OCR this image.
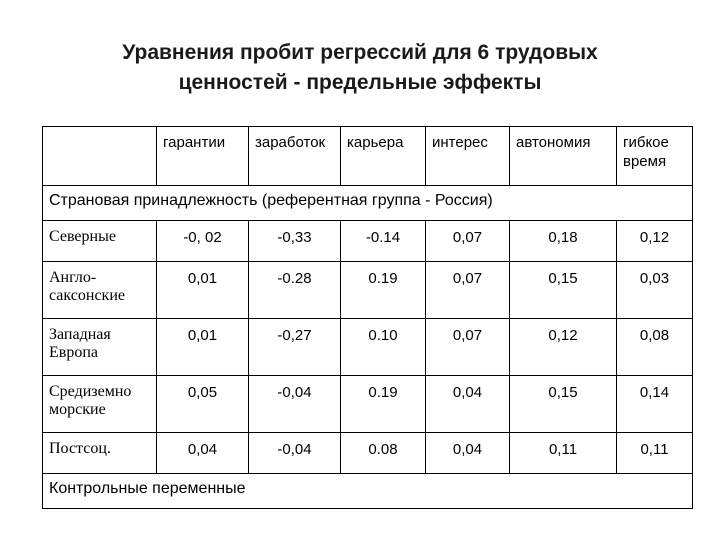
Уравнения пробит регрессий для 6 трудовых
ценностей - предельные эффекты
	гарантии	заработок	карьера	интерес	автономия	гибкое время
Страновая принадлежность (референтная группа - Россия)						
Северные	-0, 02	-0,33	-0.14	0,07	0,18	0,12
Англо-саксонские	0,01	-0.28	0.19	0,07	0,15	0,03
Западная Европа	0,01	-0,27	0.10	0,07	0,12	0,08
Средиземно морские	0,05	-0,04	0.19	0,04	0,15	0,14
Постсоц.	0,04	-0,04	0.08	0,04	0,11	0,11
Контрольные переменные						
